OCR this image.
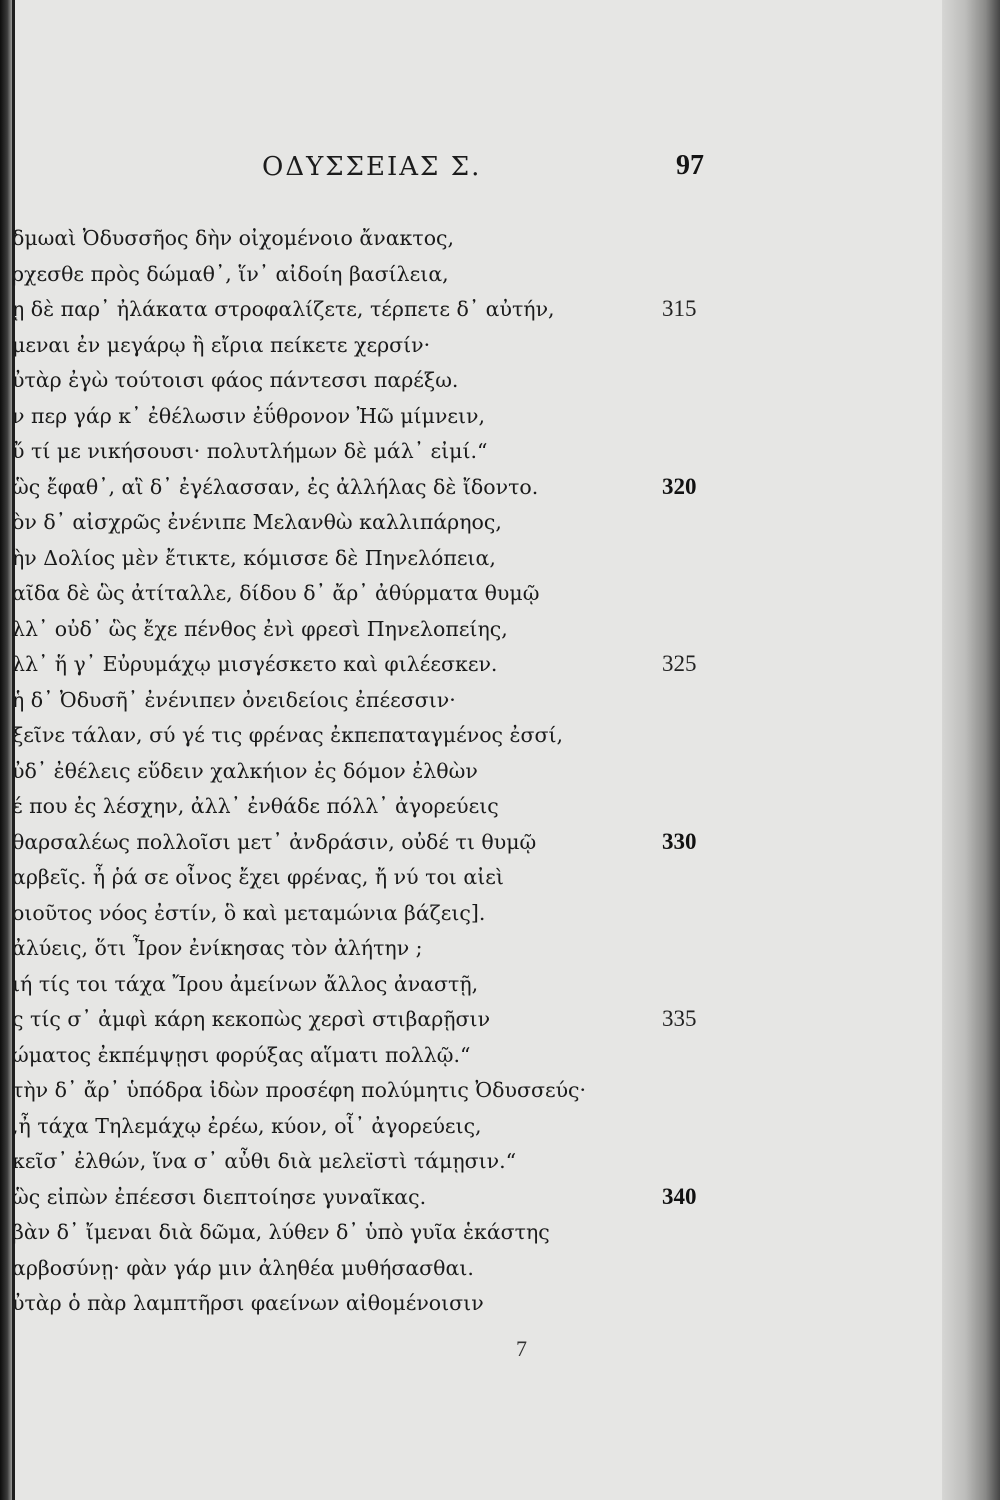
ΟΔΥΣΣΕΙΑΣ Σ.	97
δμωαὶ Ὀδυσσῆος δὴν οἰχομένοιο ἄνακτος,
ρχεσθε πρὸς δώμαθ᾽, ἵν᾽ αἰδοίη βασίλεια,
ῃ δὲ παρ᾽ ἠλάκατα στροφαλίζετε, τέρπετε δ᾽ αὐτήν,
μεναι ἐν μεγάρῳ ἢ εἴρια πείκετε χερσίν·
ὐτὰρ ἐγὼ τούτοισι φάος πάντεσσι παρέξω.
ν περ γάρ κ᾽ ἐθέλωσιν ἐΰθρονον Ἠῶ μίμνειν,
ὔ τί με νικήσουσι· πολυτλήμων δὲ μάλ᾽ εἰμί.“
ὣς ἔφαθ᾽, αἳ δ᾽ ἐγέλασσαν, ἐς ἀλλήλας δὲ ἴδοντο.
ὸν δ᾽ αἰσχρῶς ἐνένιπε Μελανθὼ καλλιπάρηος,
ὴν Δολίος μὲν ἔτικτε, κόμισσε δὲ Πηνελόπεια,
αῖδα δὲ ὣς ἀτίταλλε, δίδου δ᾽ ἄρ᾽ ἀθύρματα θυμῷ
λλ᾽ οὐδ᾽ ὣς ἔχε πένθος ἐνὶ φρεσὶ Πηνελοπείης,
λλ᾽ ἥ γ᾽ Εὐρυμάχῳ μισγέσκετο καὶ φιλέεσκεν.
ἡ δ᾽ Ὀδυσῆ᾽ ἐνένιπεν ὀνειδείοις ἐπέεσσιν·
ξεῖνε τάλαν, σύ γέ τις φρένας ἐκπεπαταγμένος ἐσσί,
ὐδ᾽ ἐθέλεις εὕδειν χαλκήιον ἐς δόμον ἐλθὼν
έ που ἐς λέσχην, ἀλλ᾽ ἐνθάδε πόλλ᾽ ἀγορεύεις
θαρσαλέως πολλοῖσι μετ᾽ ἀνδράσιν, οὐδέ τι θυμῷ
αρβεῖς. ἦ ῥά σε οἶνος ἔχει φρένας, ἤ νύ τοι αἰεὶ
οιοῦτος νόος ἐστίν, ὃ καὶ μεταμώνια βάζεις].
ἀλύεις, ὅτι Ἶρον ἐνίκησας τὸν ἀλήτην ;
ιή τίς τοι τάχα Ἴρου ἀμείνων ἄλλος ἀναστῇ,
ς τίς σ᾽ ἀμφὶ κάρη κεκοπὼς χερσὶ στιβαρῇσιν
ώματος ἐκπέμψῃσι φορύξας αἵματι πολλῷ.“
τὴν δ᾽ ἄρ᾽ ὑπόδρα ἰδὼν προσέφη πολύμητις Ὀδυσσεύς·
,ἦ τάχα Τηλεμάχῳ ἐρέω, κύον, οἷ᾽ ἀγορεύεις,
κεῖσ᾽ ἐλθών, ἵνα σ᾽ αὖθι διὰ μελεϊστὶ τάμῃσιν.“
ὣς εἰπὼν ἐπέεσσι διεπτοίησε γυναῖκας.
βὰν δ᾽ ἴμεναι διὰ δῶμα, λύθεν δ᾽ ὑπὸ γυῖα ἑκάστης
αρβοσύνῃ· φὰν γάρ μιν ἀληθέα μυθήσασθαι.
ὐτὰρ ὁ πὰρ λαμπτῆρσι φαείνων αἰθομένοισιν
315
320
325
330
335
340
7
